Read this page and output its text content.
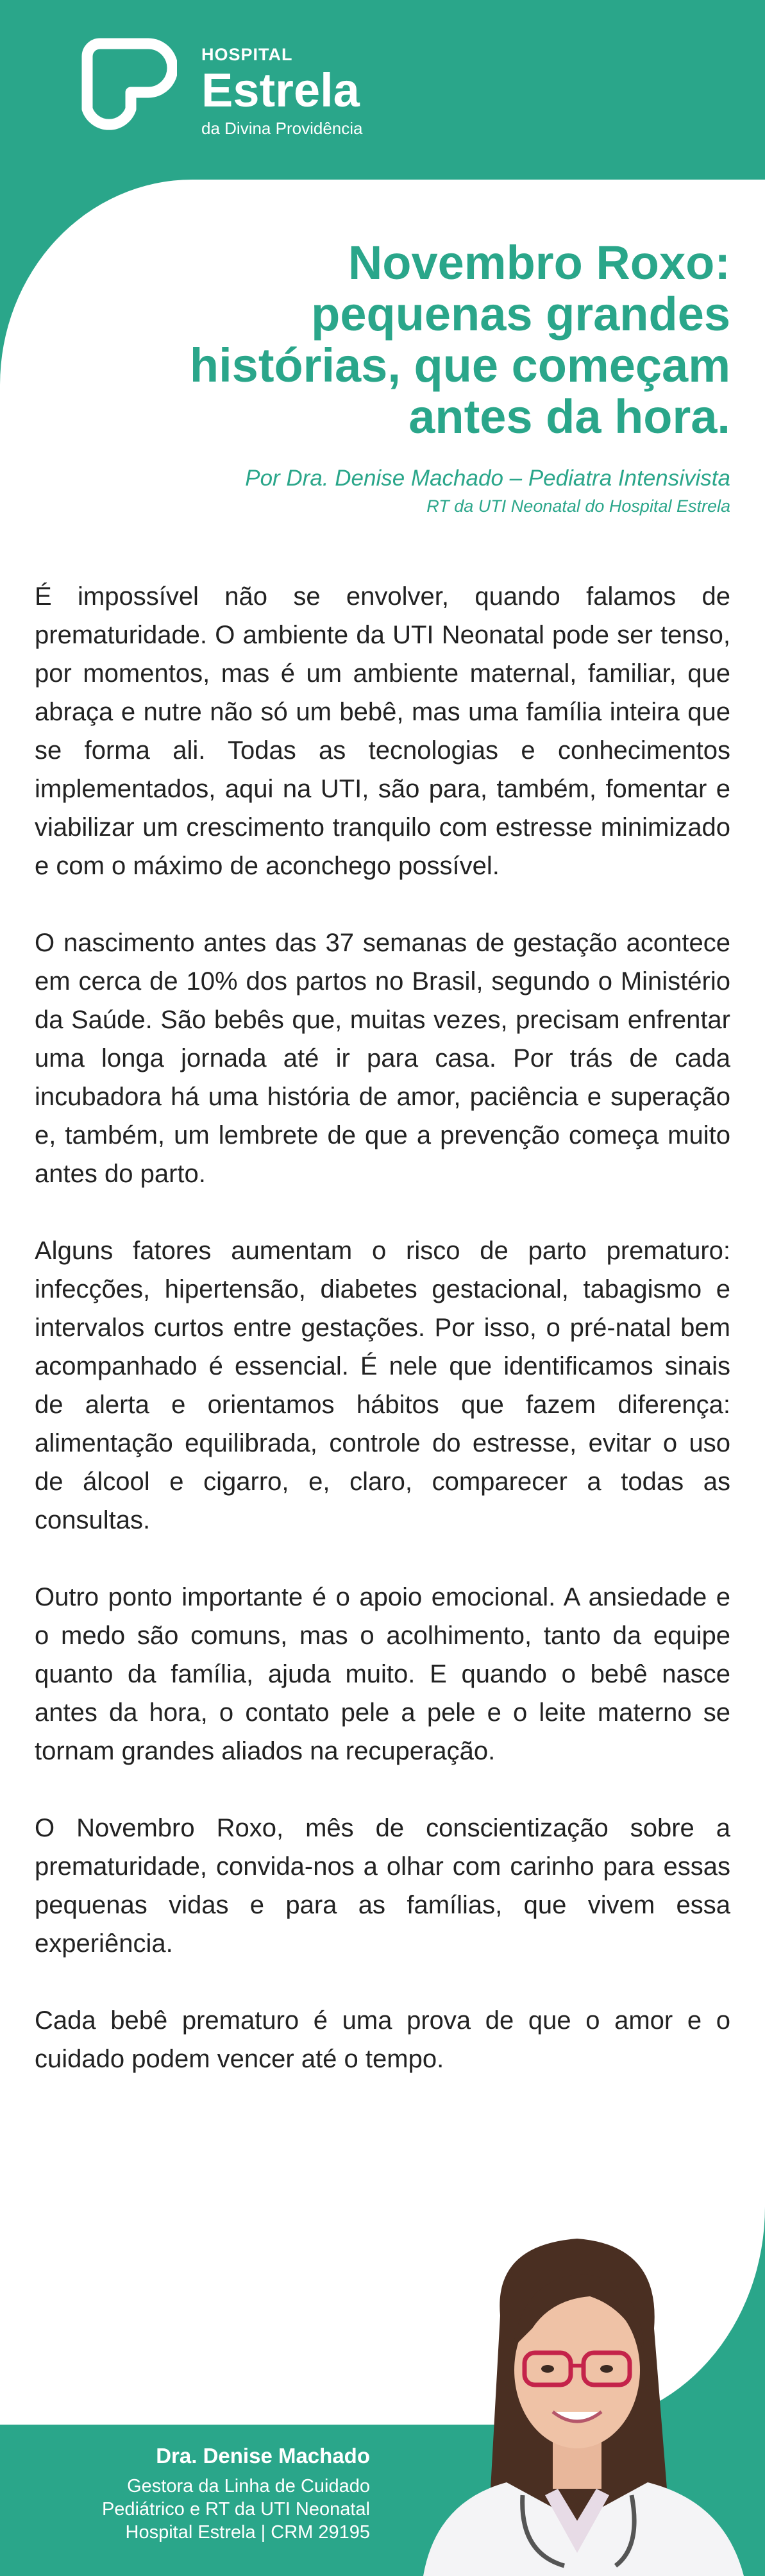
HOSPITAL
Estrela
da Divina Providência
Novembro Roxo: pequenas grandes histórias, que começam antes da hora.
Por Dra. Denise Machado – Pediatra Intensivista
RT da UTI Neonatal do Hospital Estrela

É impossível não se envolver, quando falamos de prematuridade. O ambiente da UTI Neonatal pode ser tenso, por momentos, mas é um ambiente maternal, familiar, que abraça e nutre não só um bebê, mas uma família inteira que se forma ali. Todas as tecnologias e conhecimentos implementados, aqui na UTI, são para, também, fomentar e viabilizar um crescimento tranquilo com estresse minimizado e com o máximo de aconchego possível.

O nascimento antes das 37 semanas de gestação acontece em cerca de 10% dos partos no Brasil, segundo o Ministério da Saúde. São bebês que, muitas vezes, precisam enfrentar uma longa jornada até ir para casa. Por trás de cada incubadora há uma história de amor, paciência e superação e, também, um lembrete de que a prevenção começa muito antes do parto.

Alguns fatores aumentam o risco de parto prematuro: infecções, hipertensão, diabetes gestacional, tabagismo e intervalos curtos entre gestações. Por isso, o pré-natal bem acompanhado é essencial. É nele que identificamos sinais de alerta e orientamos hábitos que fazem diferença: alimentação equilibrada, controle do estresse, evitar o uso de álcool e cigarro, e, claro, comparecer a todas as consultas.

Outro ponto importante é o apoio emocional. A ansiedade e o medo são comuns, mas o acolhimento, tanto da equipe quanto da família, ajuda muito. E quando o bebê nasce antes da hora, o contato pele a pele e o leite materno se tornam grandes aliados na recuperação.

O Novembro Roxo, mês de conscientização sobre a prematuridade, convida-nos a olhar com carinho para essas pequenas vidas e para as famílias, que vivem essa experiência.

Cada bebê prematuro é uma prova de que o amor e o cuidado podem vencer até o tempo.

Dra. Denise Machado
Gestora da Linha de Cuidado
Pediátrico e RT da UTI Neonatal
Hospital Estrela | CRM 29195
